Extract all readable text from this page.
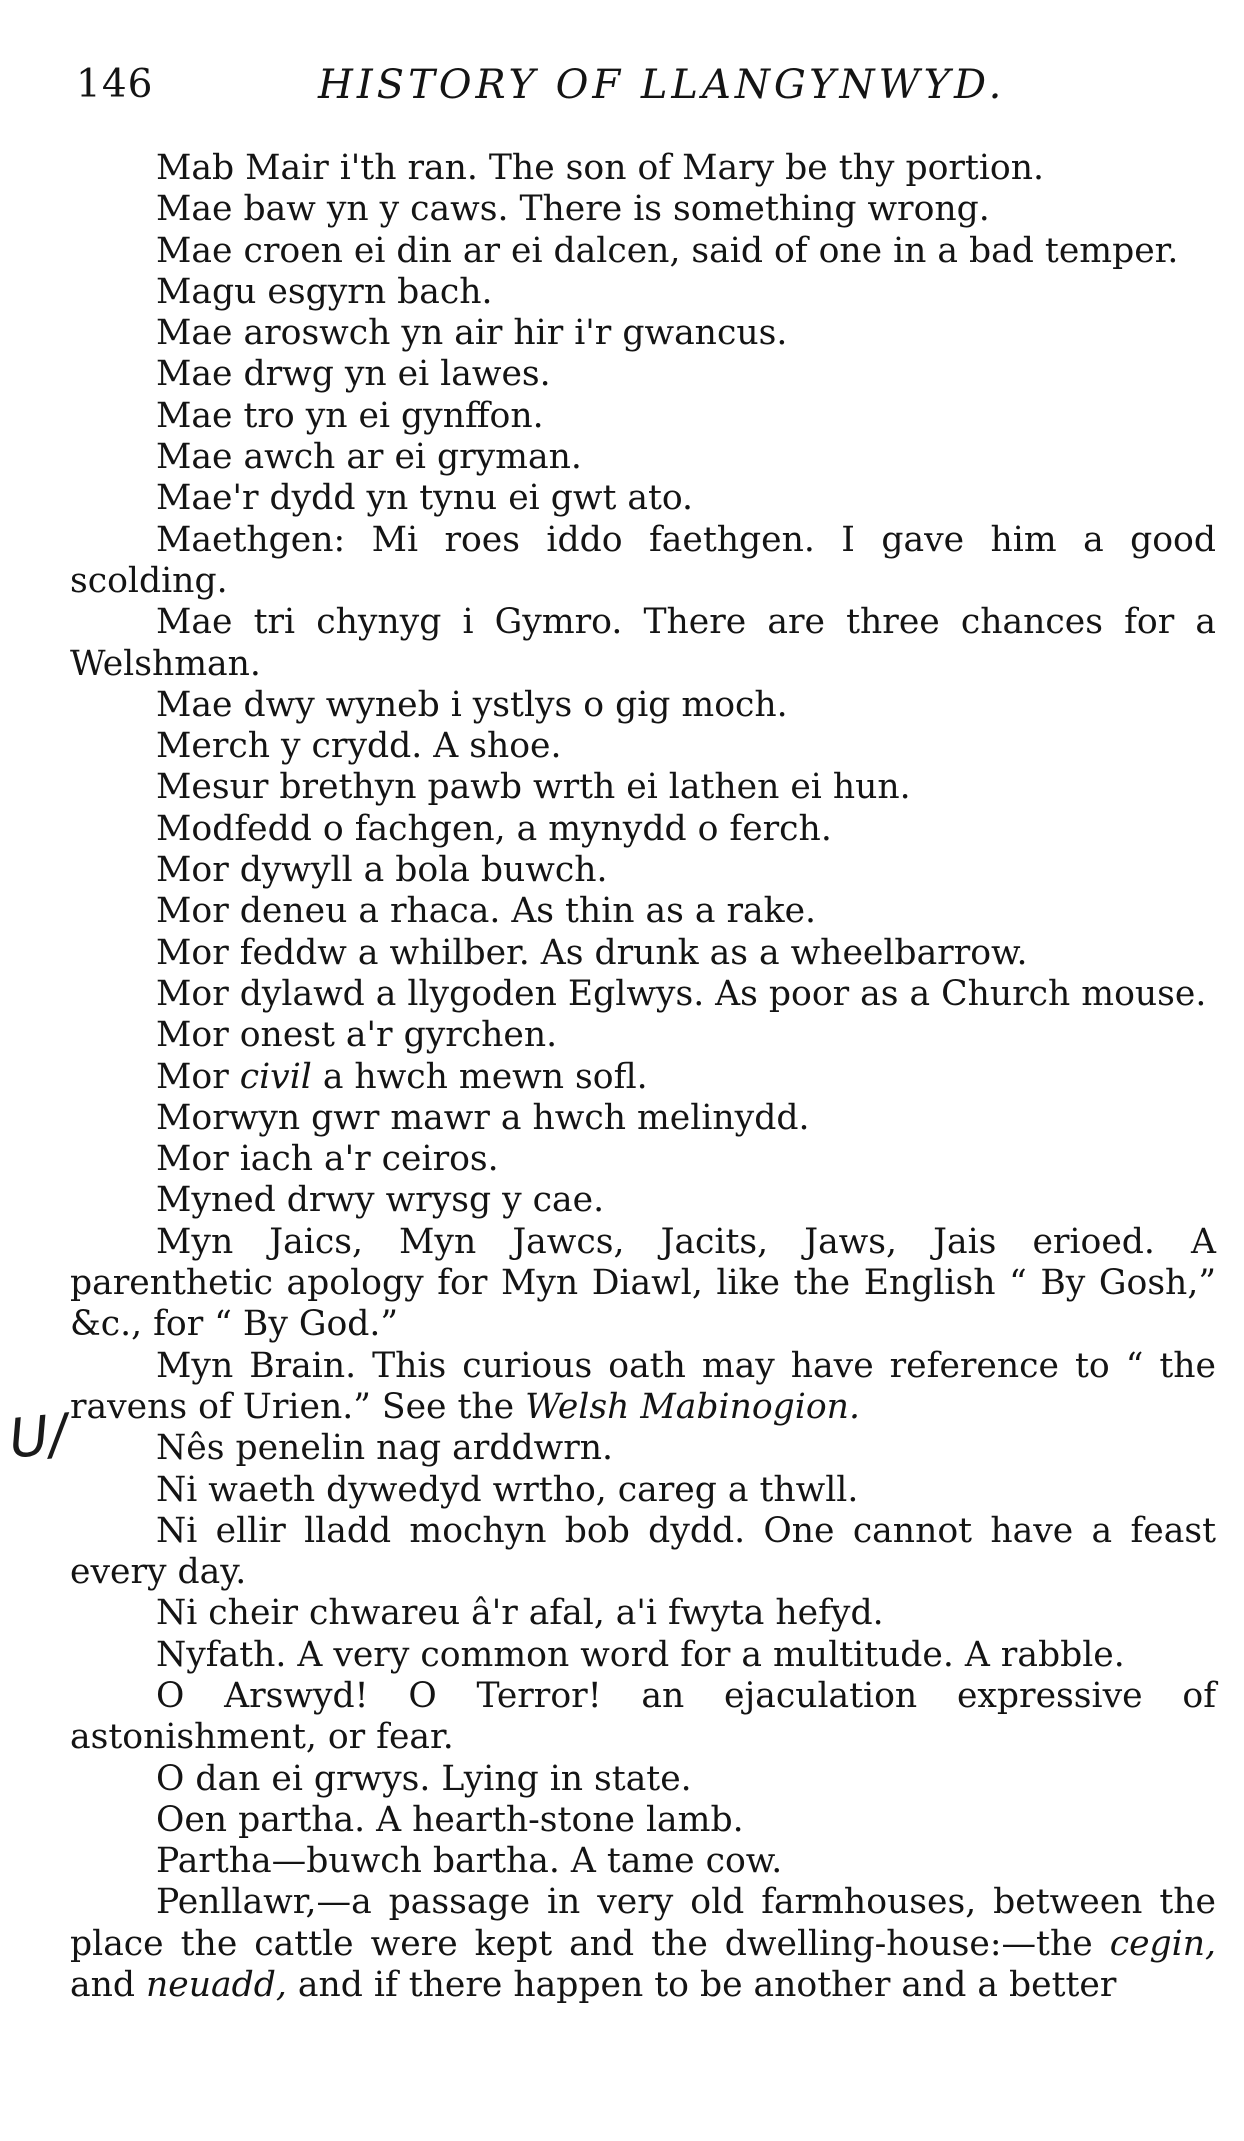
146	HISTORY OF LLANGYNWYD.
U/
Mab Mair i'th ran. The son of Mary be thy portion.
Mae baw yn y caws. There is something wrong.
Mae croen ei din ar ei dalcen, said of one in a bad temper.
Magu esgyrn bach.
Mae aroswch yn air hir i'r gwancus.
Mae drwg yn ei lawes.
Mae tro yn ei gynffon.
Mae awch ar ei gryman.
Mae'r dydd yn tynu ei gwt ato.
Maethgen: Mi roes iddo faethgen. I gave him a good scolding.
Mae tri chynyg i Gymro. There are three chances for a Welshman.
Mae dwy wyneb i ystlys o gig moch.
Merch y crydd. A shoe.
Mesur brethyn pawb wrth ei lathen ei hun.
Modfedd o fachgen, a mynydd o ferch.
Mor dywyll a bola buwch.
Mor deneu a rhaca. As thin as a rake.
Mor feddw a whilber. As drunk as a wheelbarrow.
Mor dylawd a llygoden Eglwys. As poor as a Church mouse.
Mor onest a'r gyrchen.
Mor civil a hwch mewn sofl.
Morwyn gwr mawr a hwch melinydd.
Mor iach a'r ceiros.
Myned drwy wrysg y cae.
Myn Jaics, Myn Jawcs, Jacits, Jaws, Jais erioed. A parenthetic apology for Myn Diawl, like the English “ By Gosh,” &c., for “ By God.”
Myn Brain. This curious oath may have reference to “ the ravens of Urien.” See the Welsh Mabinogion.
Nês penelin nag arddwrn.
Ni waeth dywedyd wrtho, careg a thwll.
Ni ellir lladd mochyn bob dydd. One cannot have a feast every day.
Ni cheir chwareu â'r afal, a'i fwyta hefyd.
Nyfath. A very common word for a multitude. A rabble.
O Arswyd! O Terror! an ejaculation expressive of astonishment, or fear.
O dan ei grwys. Lying in state.
Oen partha. A hearth-stone lamb.
Partha—buwch bartha. A tame cow.
Penllawr,—a passage in very old farmhouses, between the place the cattle were kept and the dwelling-house:—the cegin, and neuadd, and if there happen to be another and a better
